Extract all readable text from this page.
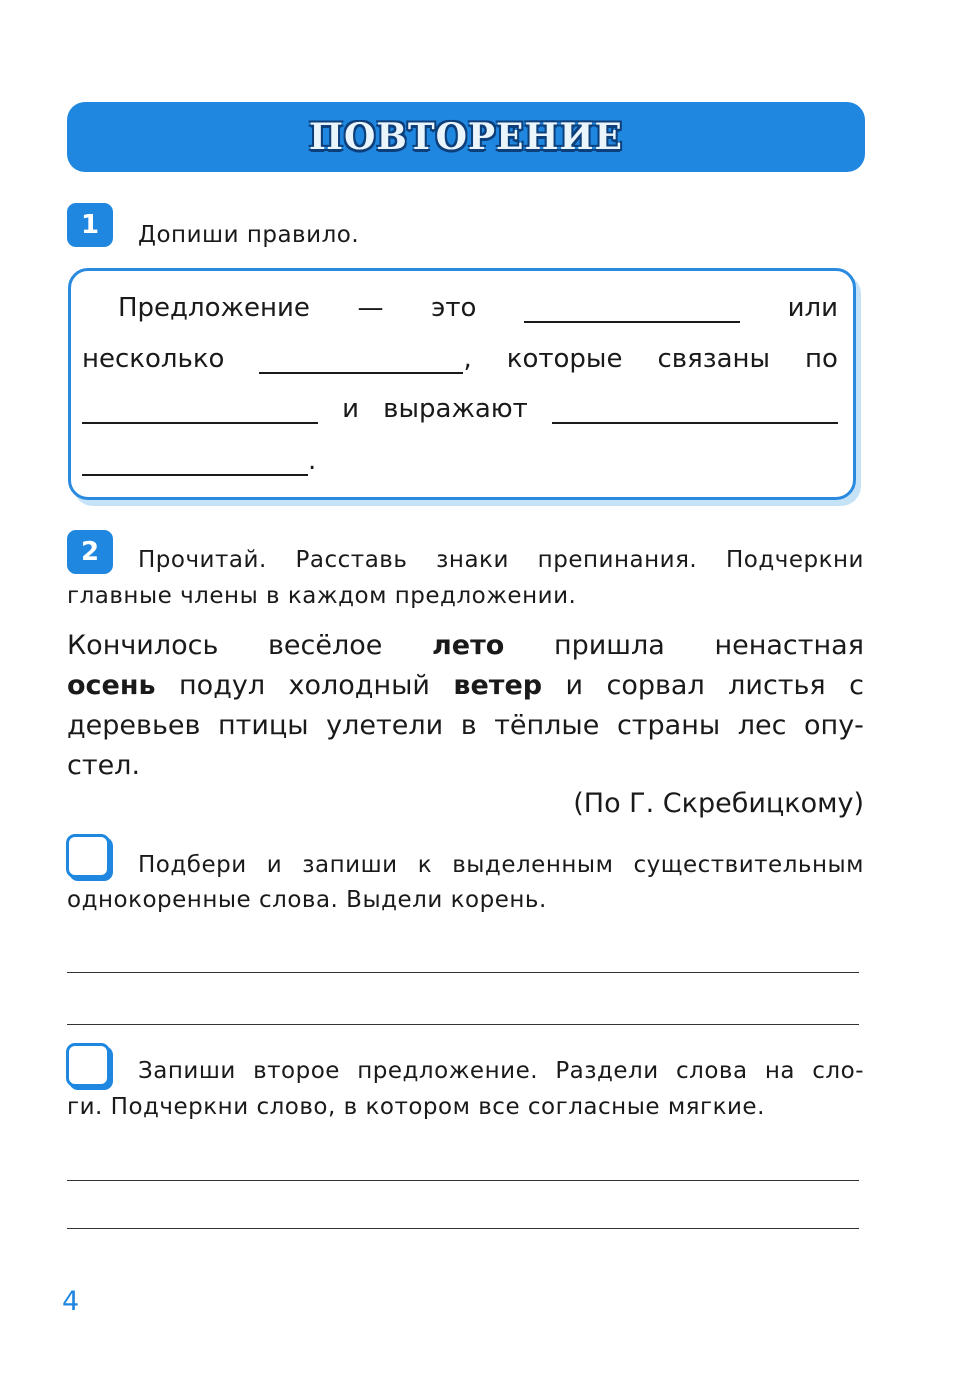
ПОВТОРЕНИЕ
1	Допиши правило.
Предложение — это	или
несколько	, которые связаны по
и выражают
.
2	Прочитай. Расставь знаки препинания. Подчеркни
главные члены в каждом предложении.
Кончилось весёлое лето пришла ненастная
осень подул холодный ветер и сорвал листья с
деревьев птицы улетели в тёплые страны лес опу-
стел.
(По Г. Скребицкому)
Подбери и запиши к выделенным существительным
однокоренные слова. Выдели корень.
Запиши второе предложение. Раздели слова на сло-
ги. Подчеркни слово, в котором все согласные мягкие.
4
